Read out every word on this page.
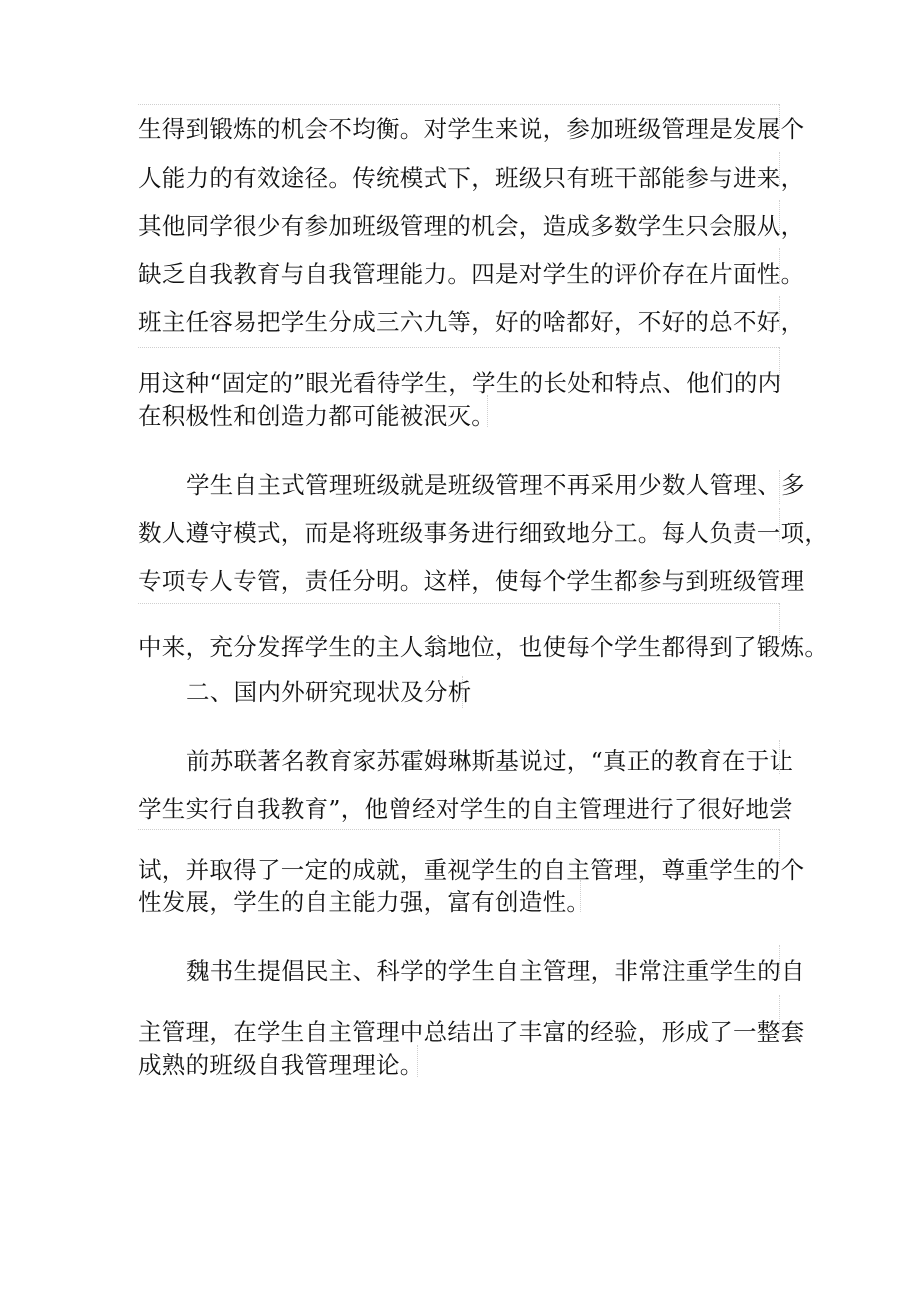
生得到锻炼的机会不均衡。对学生来说，参加班级管理是发展个
人能力的有效途径。传统模式下，班级只有班干部能参与进来，
其他同学很少有参加班级管理的机会，造成多数学生只会服从，
缺乏自我教育与自我管理能力。四是对学生的评价存在片面性。
班主任容易把学生分成三六九等，好的啥都好，不好的总不好，
用这种“固定的”眼光看待学生，学生的长处和特点、他们的内
在积极性和创造力都可能被泯灭。
学生自主式管理班级就是班级管理不再采用少数人管理、多
数人遵守模式，而是将班级事务进行细致地分工。每人负责一项，
专项专人专管，责任分明。这样，使每个学生都参与到班级管理
中来，充分发挥学生的主人翁地位，也使每个学生都得到了锻炼。
二、国内外研究现状及分析
前苏联著名教育家苏霍姆琳斯基说过，“真正的教育在于让
学生实行自我教育”，他曾经对学生的自主管理进行了很好地尝
试，并取得了一定的成就，重视学生的自主管理，尊重学生的个
性发展，学生的自主能力强，富有创造性。
魏书生提倡民主、科学的学生自主管理，非常注重学生的自
主管理，在学生自主管理中总结出了丰富的经验，形成了一整套
成熟的班级自我管理理论。
